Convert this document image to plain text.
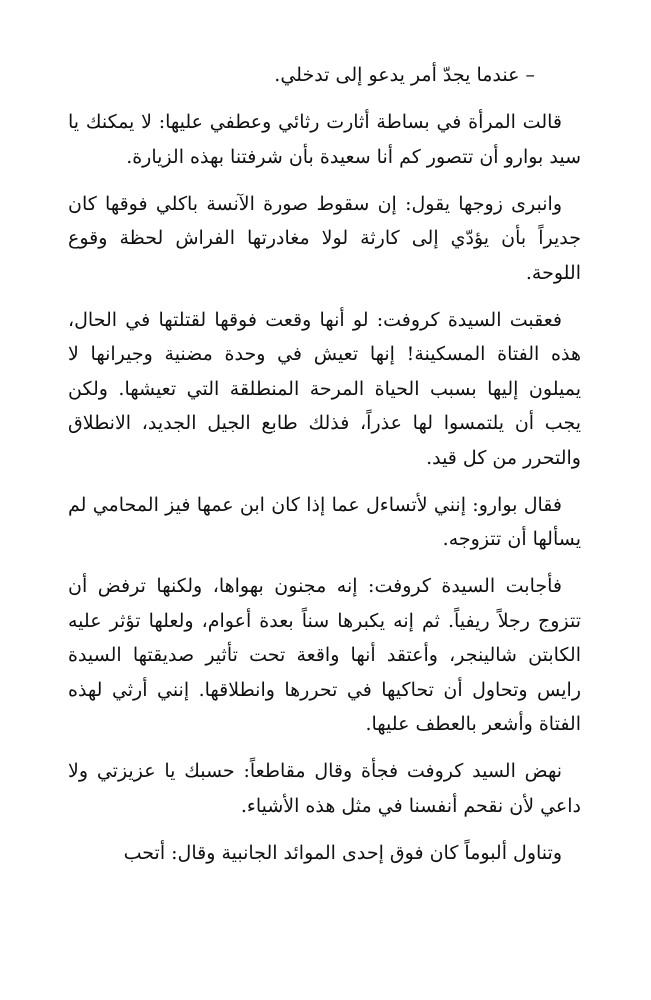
– عندما يجدّ أمر يدعو إلى تدخلي.

قالت المرأة في بساطة أثارت رثائي وعطفي عليها: لا يمكنك يا سيد بوارو أن تتصور كم أنا سعيدة بأن شرفتنا بهذه الزيارة.

وانبرى زوجها يقول: إن سقوط صورة الآنسة باكلي فوقها كان جديراً بأن يؤدّي إلى كارثة لولا مغادرتها الفراش لحظة وقوع اللوحة.

فعقبت السيدة كروفت: لو أنها وقعت فوقها لقتلتها في الحال، هذه الفتاة المسكينة! إنها تعيش في وحدة مضنية وجيرانها لا يميلون إليها بسبب الحياة المرحة المنطلقة التي تعيشها. ولكن يجب أن يلتمسوا لها عذراً، فذلك طابع الجيل الجديد، الانطلاق والتحرر من كل قيد.

فقال بوارو: إنني لأتساءل عما إذا كان ابن عمها فيز المحامي لم يسألها أن تتزوجه.

فأجابت السيدة كروفت: إنه مجنون بهواها، ولكنها ترفض أن تتزوج رجلاً ريفياً. ثم إنه يكبرها سناً بعدة أعوام، ولعلها تؤثر عليه الكابتن شالينجر، وأعتقد أنها واقعة تحت تأثير صديقتها السيدة رايس وتحاول أن تحاكيها في تحررها وانطلاقها. إنني أرثي لهذه الفتاة وأشعر بالعطف عليها.

نهض السيد كروفت فجأة وقال مقاطعاً: حسبك يا عزيزتي ولا داعي لأن نقحم أنفسنا في مثل هذه الأشياء.

وتناول ألبوماً كان فوق إحدى الموائد الجانبية وقال: أتحب
